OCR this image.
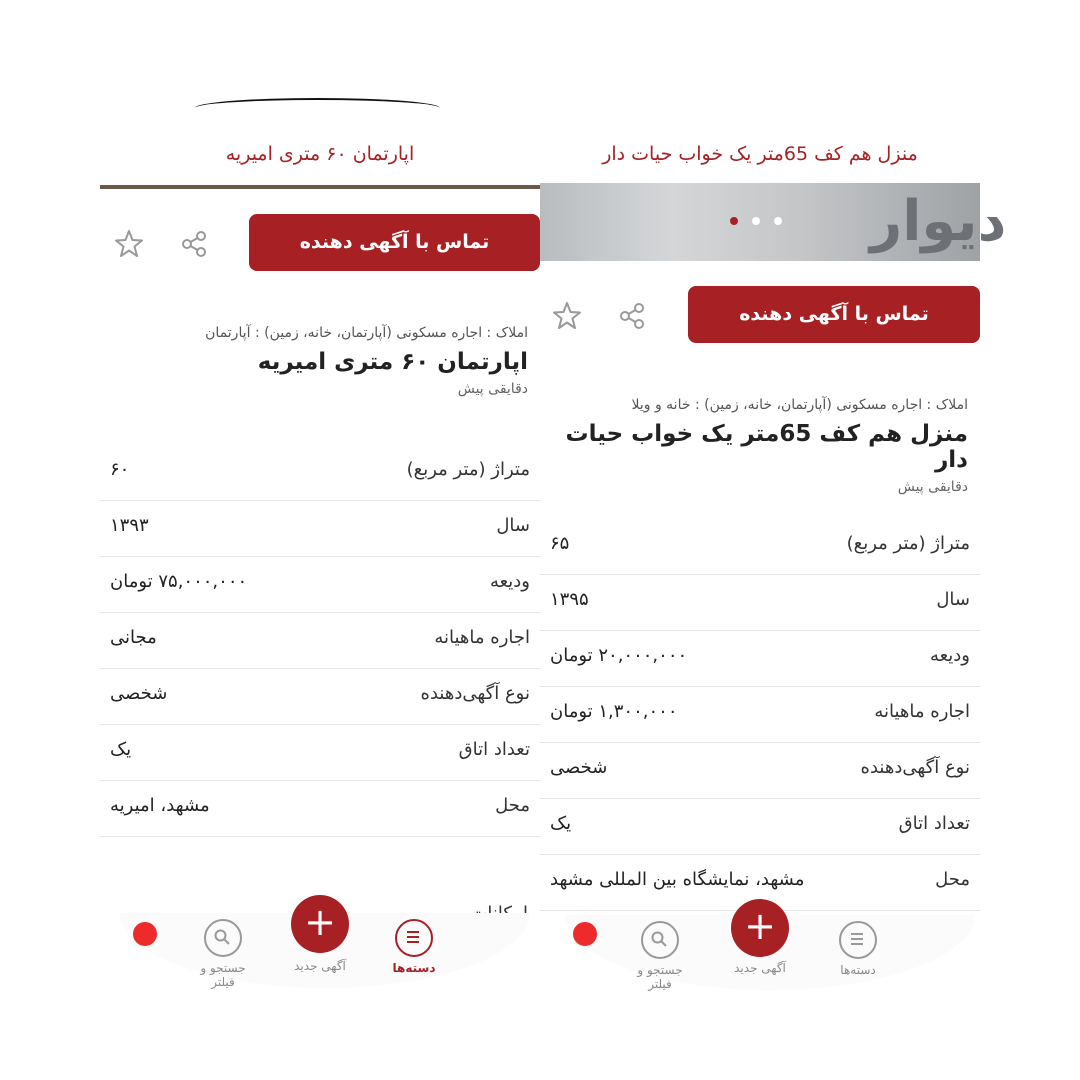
اپارتمان ۶۰ متری امیریه
تماس با آگهی دهنده
املاک : اجاره مسکونی (آپارتمان، خانه، زمین) : آپارتمان
اپارتمان ۶۰ متری امیریه
دقایقی پیش
متراژ (متر مربع)
۶۰
سال
۱۳۹۳
ودیعه
۷۵,۰۰۰,۰۰۰ تومان
اجاره ماهیانه
مجانی
نوع آگهی‌دهنده
شخصی
تعداد اتاق
یک
محل
مشهد، امیریه
جستجو و فیلتر
+
آگهی جدید	دسته‌ها
منزل هم کف 65متر یک خواب حیات دار
دیوار
تماس با آگهی دهنده
املاک : اجاره مسکونی (آپارتمان، خانه، زمین) : خانه و ویلا
منزل هم کف 65متر یک خواب حیات دار
دقایقی پیش
متراژ (متر مربع)
۶۵
سال
۱۳۹۵
ودیعه
۲۰,۰۰۰,۰۰۰ تومان
اجاره ماهیانه
۱,۳۰۰,۰۰۰ تومان
نوع آگهی‌دهنده
شخصی
تعداد اتاق
یک
محل
مشهد، نمایشگاه بین المللی مشهد
جستجو و فیلتر
+
آگهی جدید	دسته‌ها
